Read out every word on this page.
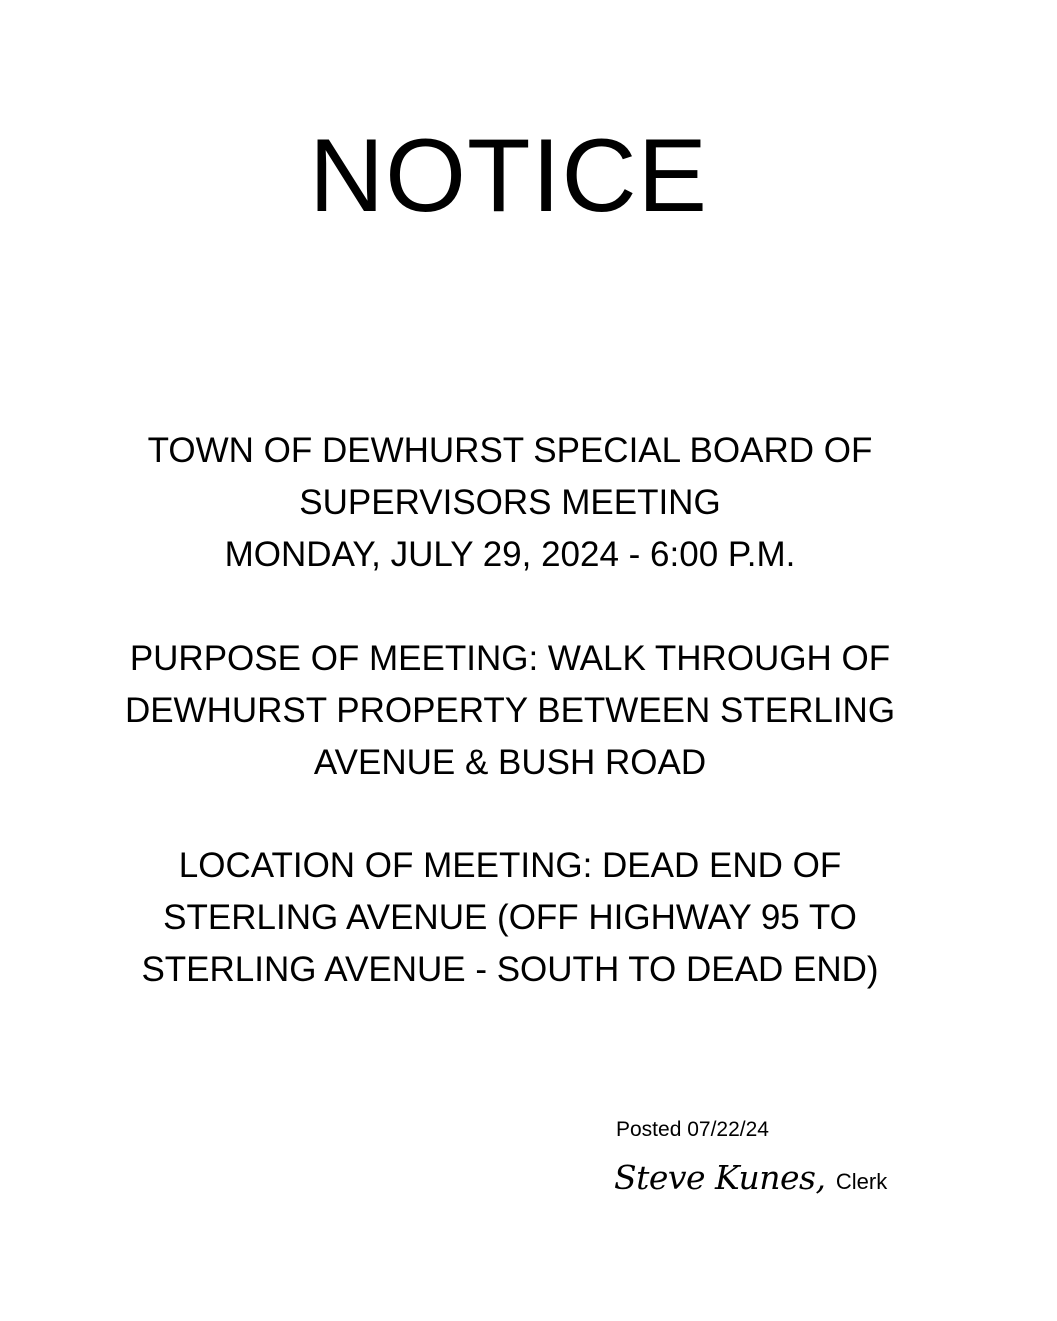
NOTICE
TOWN OF DEWHURST SPECIAL BOARD OF
SUPERVISORS MEETING
MONDAY, JULY 29, 2024 - 6:00 P.M.
PURPOSE OF MEETING: WALK THROUGH OF
DEWHURST PROPERTY BETWEEN STERLING
AVENUE & BUSH ROAD
LOCATION OF MEETING: DEAD END OF
STERLING AVENUE (OFF HIGHWAY 95 TO
STERLING AVENUE - SOUTH TO DEAD END)
Posted 07/22/24
Steve Kunes, Clerk
